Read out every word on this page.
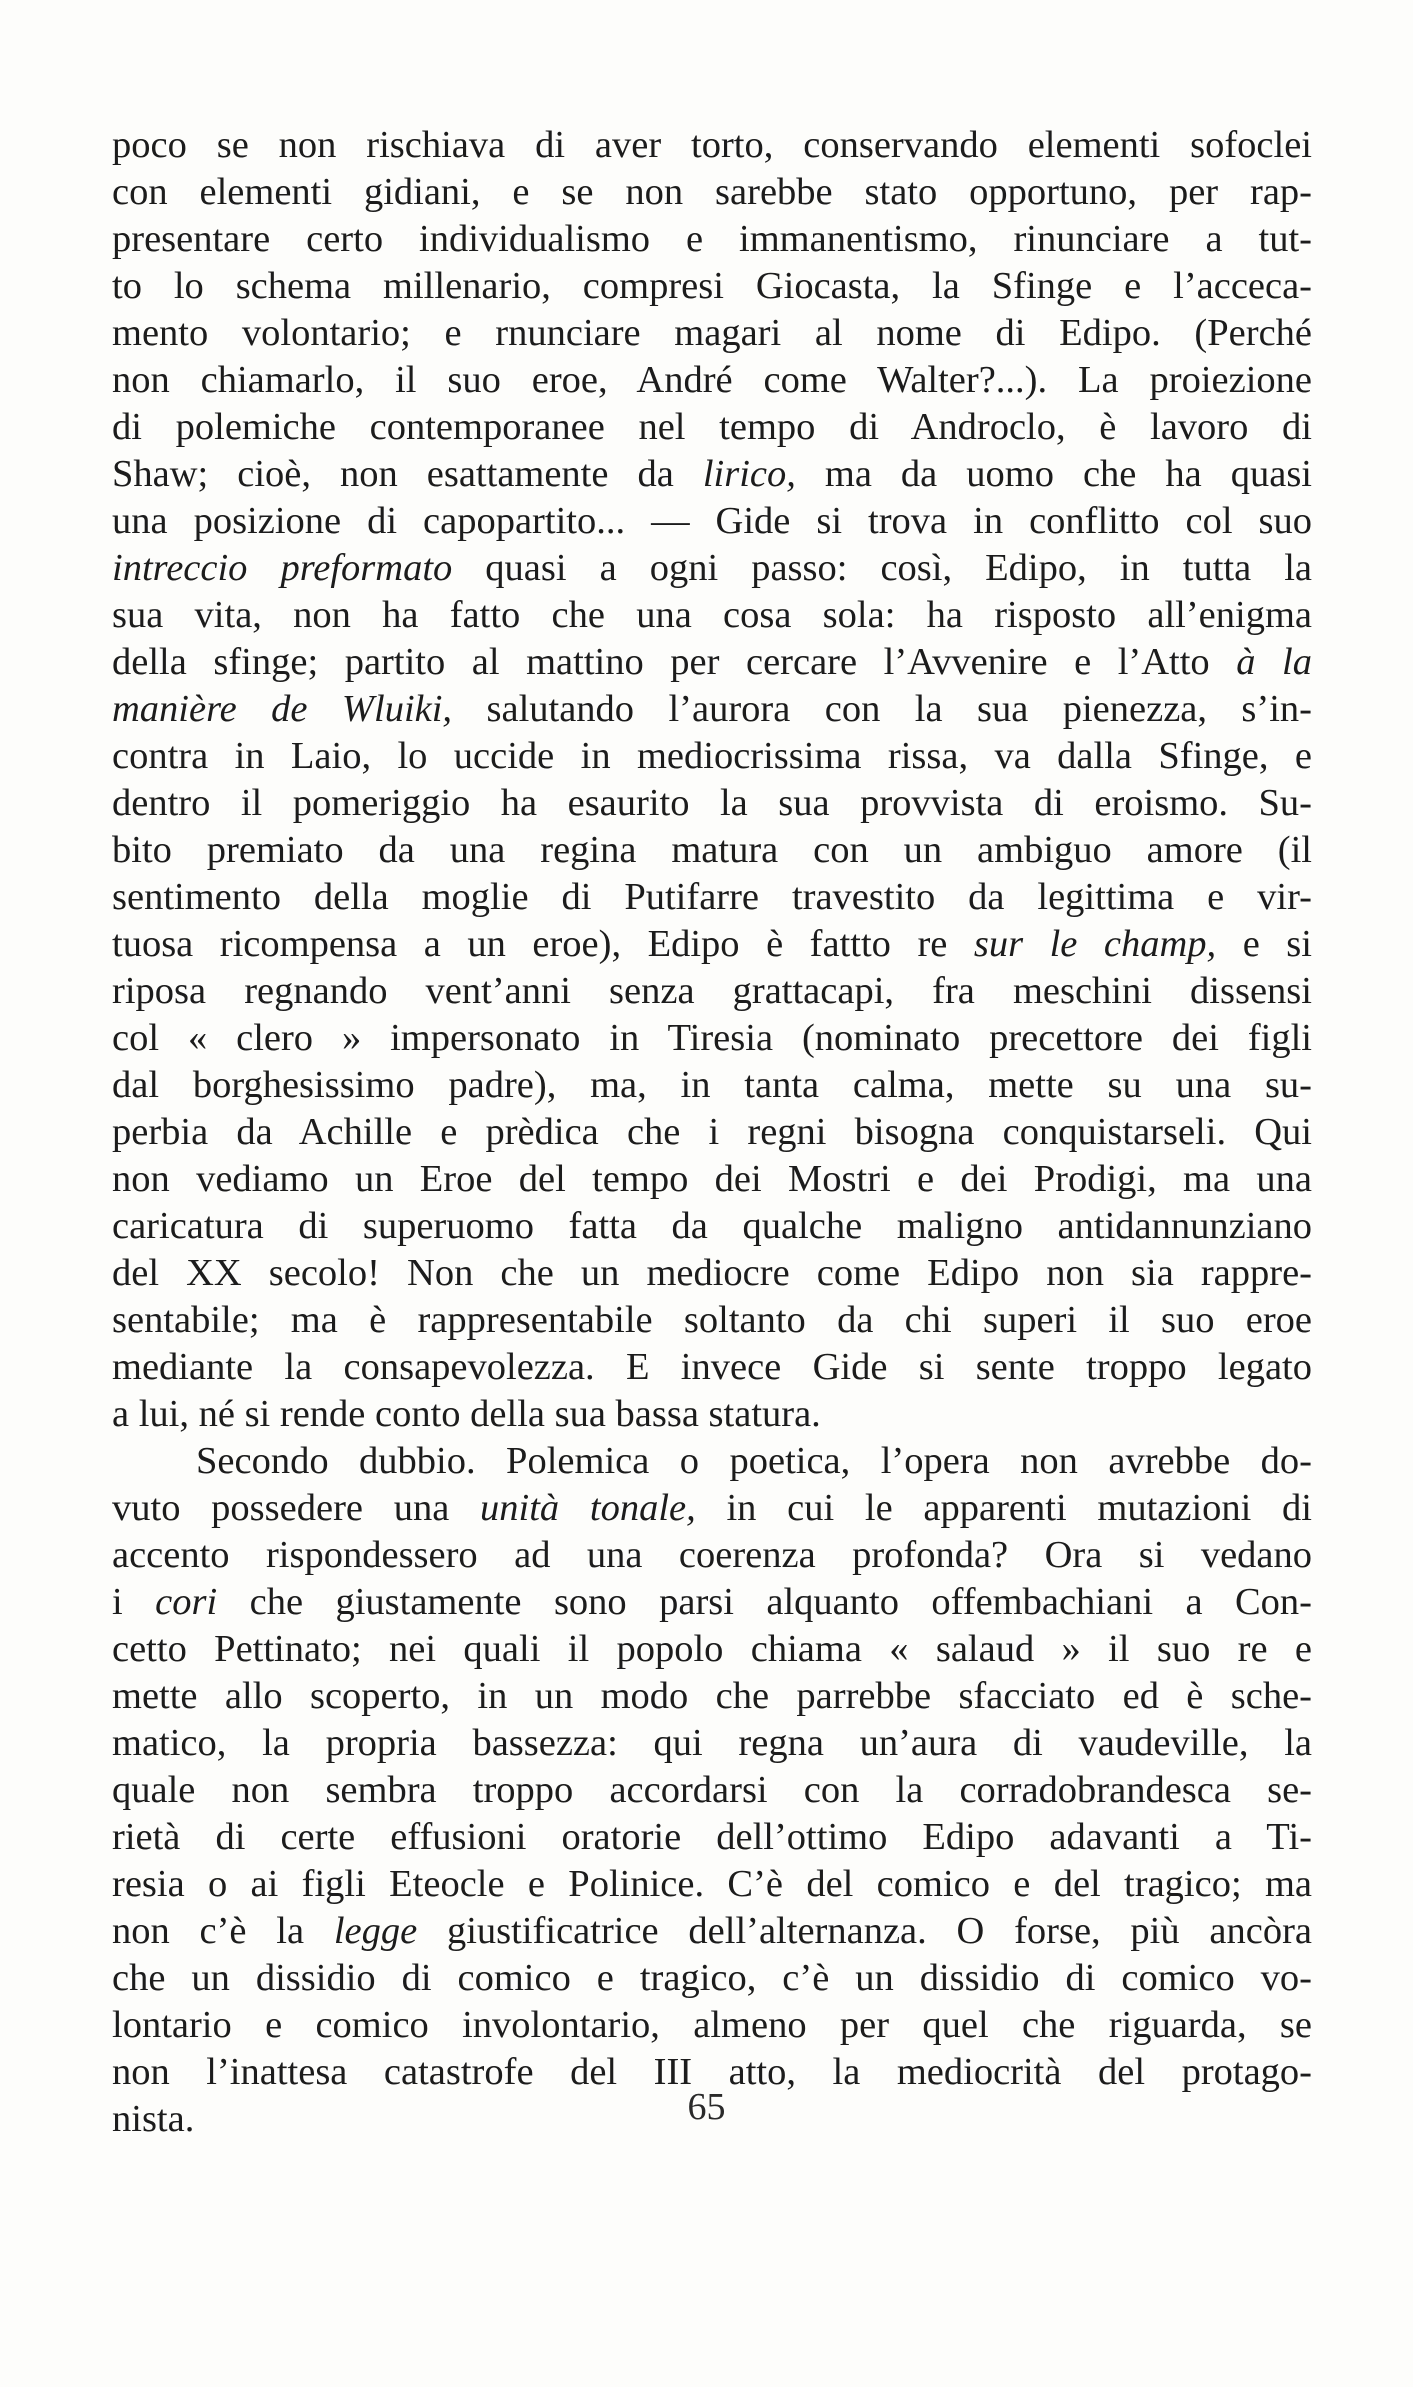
poco se non rischiava di aver torto, conservando elementi sofoclei
con elementi gidiani, e se non sarebbe stato opportuno, per rap-
presentare certo individualismo e immanentismo, rinunciare a tut-
to lo schema millenario, compresi Giocasta, la Sfinge e l’acceca-
mento volontario; e rnunciare magari al nome di Edipo. (Perché
non chiamarlo, il suo eroe, André come Walter?...). La proiezione
di polemiche contemporanee nel tempo di Androclo, è lavoro di
Shaw; cioè, non esattamente da lirico, ma da uomo che ha quasi
una posizione di capopartito... — Gide si trova in conflitto col suo
intreccio preformato quasi a ogni passo: così, Edipo, in tutta la
sua vita, non ha fatto che una cosa sola: ha risposto all’enigma
della sfinge; partito al mattino per cercare l’Avvenire e l’Atto à la
manière de Wluiki, salutando l’aurora con la sua pienezza, s’in-
contra in Laio, lo uccide in mediocrissima rissa, va dalla Sfinge, e
dentro il pomeriggio ha esaurito la sua provvista di eroismo. Su-
bito premiato da una regina matura con un ambiguo amore (il
sentimento della moglie di Putifarre travestito da legittima e vir-
tuosa ricompensa a un eroe), Edipo è fattto re sur le champ, e si
riposa regnando vent’anni senza grattacapi, fra meschini dissensi
col « clero » impersonato in Tiresia (nominato precettore dei figli
dal borghesissimo padre), ma, in tanta calma, mette su una su-
perbia da Achille e prèdica che i regni bisogna conquistarseli. Qui
non vediamo un Eroe del tempo dei Mostri e dei Prodigi, ma una
caricatura di superuomo fatta da qualche maligno antidannunziano
del XX secolo! Non che un mediocre come Edipo non sia rappre-
sentabile; ma è rappresentabile soltanto da chi superi il suo eroe
mediante la consapevolezza. E invece Gide si sente troppo legato
a lui, né si rende conto della sua bassa statura.
Secondo dubbio. Polemica o poetica, l’opera non avrebbe do-
vuto possedere una unità tonale, in cui le apparenti mutazioni di
accento rispondessero ad una coerenza profonda? Ora si vedano
i cori che giustamente sono parsi alquanto offembachiani a Con-
cetto Pettinato; nei quali il popolo chiama « salaud » il suo re e
mette allo scoperto, in un modo che parrebbe sfacciato ed è sche-
matico, la propria bassezza: qui regna un’aura di vaudeville, la
quale non sembra troppo accordarsi con la corradobrandesca se-
rietà di certe effusioni oratorie dell’ottimo Edipo adavanti a Ti-
resia o ai figli Eteocle e Polinice. C’è del comico e del tragico; ma
non c’è la legge giustificatrice dell’alternanza. O forse, più ancòra
che un dissidio di comico e tragico, c’è un dissidio di comico vo-
lontario e comico involontario, almeno per quel che riguarda, se
non l’inattesa catastrofe del III atto, la mediocrità del protago-
nista.	65
